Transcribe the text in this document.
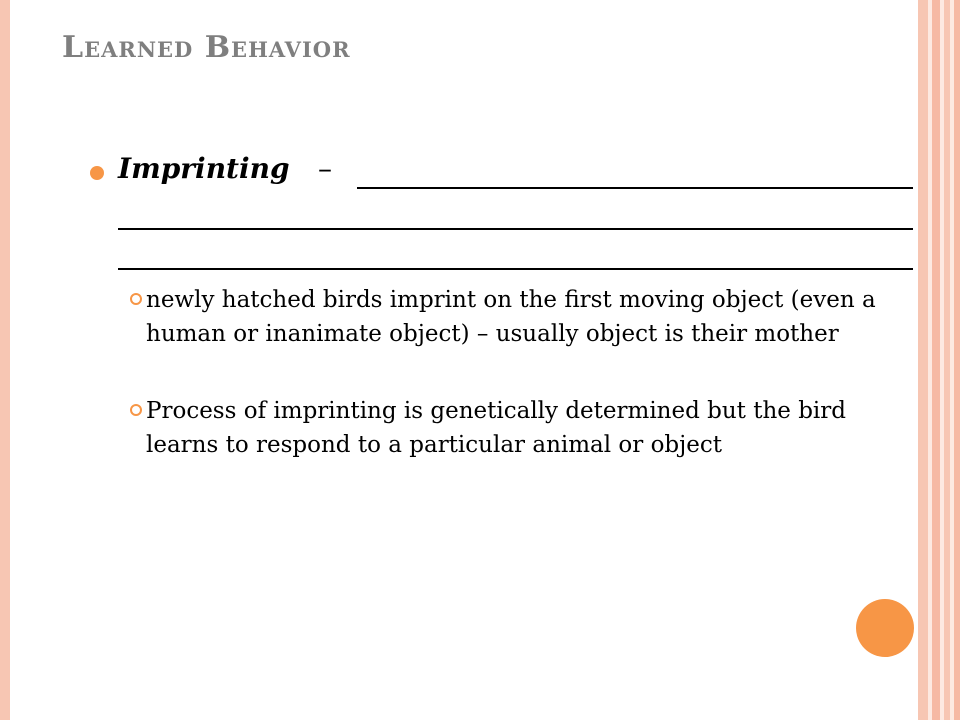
Learned Behavior
Imprinting –
newly hatched birds imprint on the first moving object (even a human or inanimate object) – usually object is their mother
Process of imprinting is genetically determined but the bird learns to respond to a particular animal or object
